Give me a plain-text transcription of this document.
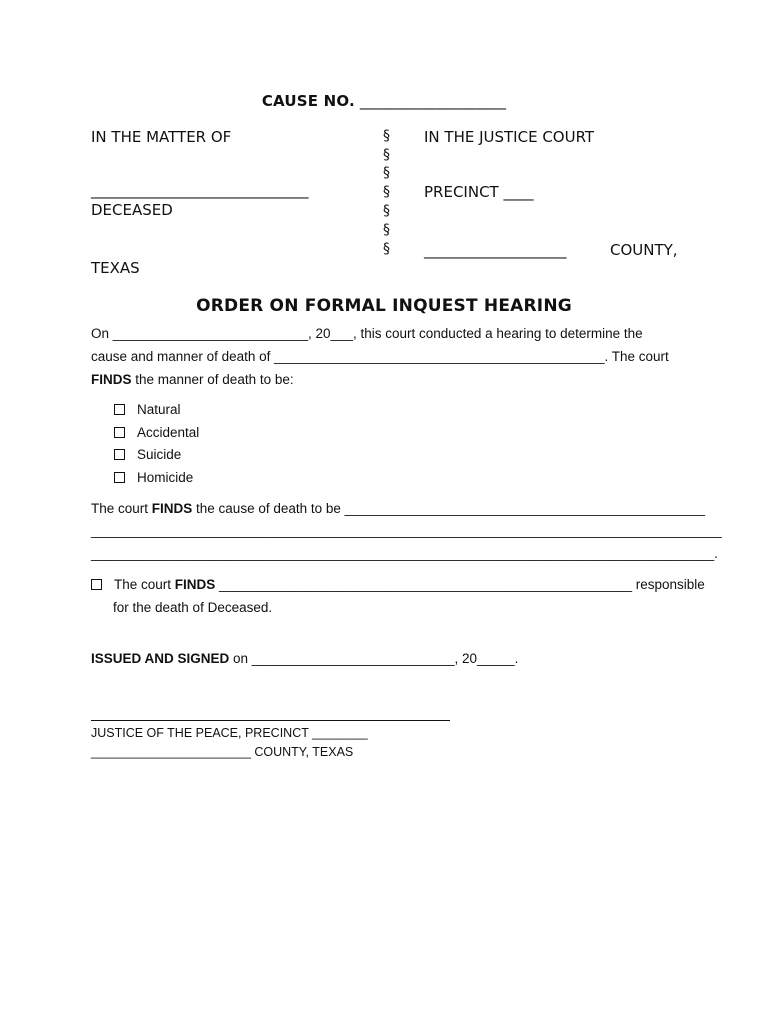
CAUSE NO. ___________________
IN THE MATTER OF
_____________________________
DECEASED
TEXAS
§
§
§
§
§
§
§
IN THE JUSTICE COURT
PRECINCT ____
___________________	COUNTY,
ORDER ON FORMAL INQUEST HEARING
On __________________________, 20___, this court conducted a hearing to determine the
cause and manner of death of ____________________________________________. The court
FINDS the manner of death to be:
Natural
Accidental
Suicide
Homicide
The court FINDS the cause of death to be ________________________________________________
____________________________________________________________________________________
___________________________________________________________________________________.
The court FINDS _______________________________________________________ responsible
for the death of Deceased.
ISSUED AND SIGNED on ___________________________, 20_____.
JUSTICE OF THE PEACE, PRECINCT ________
_______________________ COUNTY, TEXAS
